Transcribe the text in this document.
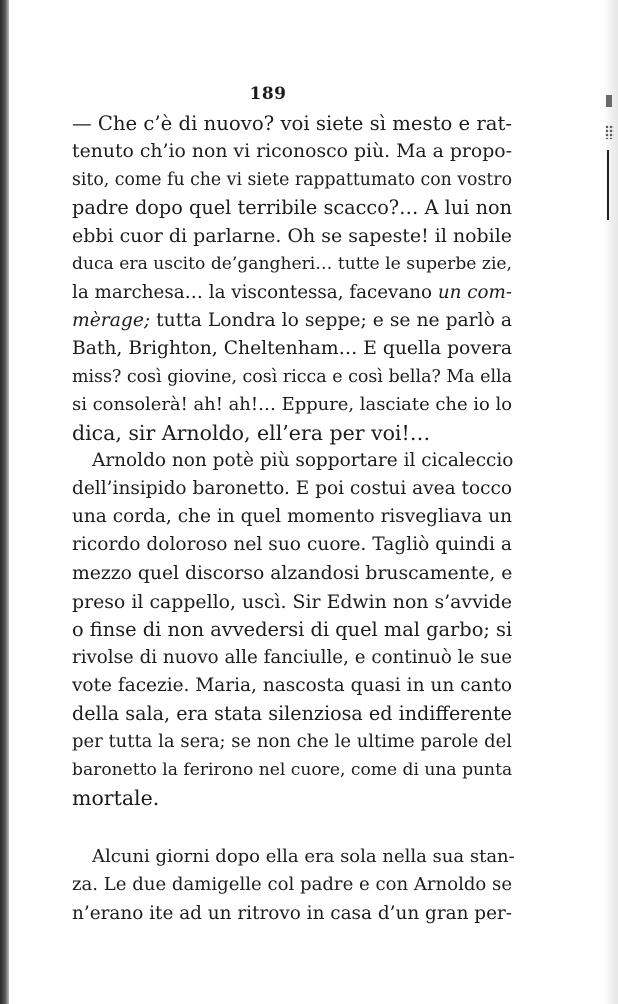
189
— Che c’è di nuovo? voi siete sì mesto e rat-
tenuto ch’io non vi riconosco più. Ma a propo-
sito, come fu che vi siete rappattumato con vostro
padre dopo quel terribile scacco?… A lui non
ebbi cuor di parlarne. Oh se sapeste! il nobile
duca era uscito de’gangheri… tutte le superbe zie,
la marchesa… la viscontessa, facevano un com-
mèrage; tutta Londra lo seppe; e se ne parlò a
Bath, Brighton, Cheltenham… E quella povera
miss? così giovine, così ricca e così bella? Ma ella
si consolerà! ah! ah!… Eppure, lasciate che io lo
dica, sir Arnoldo, ell’era per voi!…
Arnoldo non potè più sopportare il cicaleccio
dell’insipido baronetto. E poi costui avea tocco
una corda, che in quel momento risvegliava un
ricordo doloroso nel suo cuore. Tagliò quindi a
mezzo quel discorso alzandosi bruscamente, e
preso il cappello, uscì. Sir Edwin non s’avvide
o finse di non avvedersi di quel mal garbo; si
rivolse di nuovo alle fanciulle, e continuò le sue
vote facezie. Maria, nascosta quasi in un canto
della sala, era stata silenziosa ed indifferente
per tutta la sera; se non che le ultime parole del
baronetto la ferirono nel cuore, come di una punta
mortale.
Alcuni giorni dopo ella era sola nella sua stan-
za. Le due damigelle col padre e con Arnoldo se
n’erano ite ad un ritrovo in casa d’un gran per-
